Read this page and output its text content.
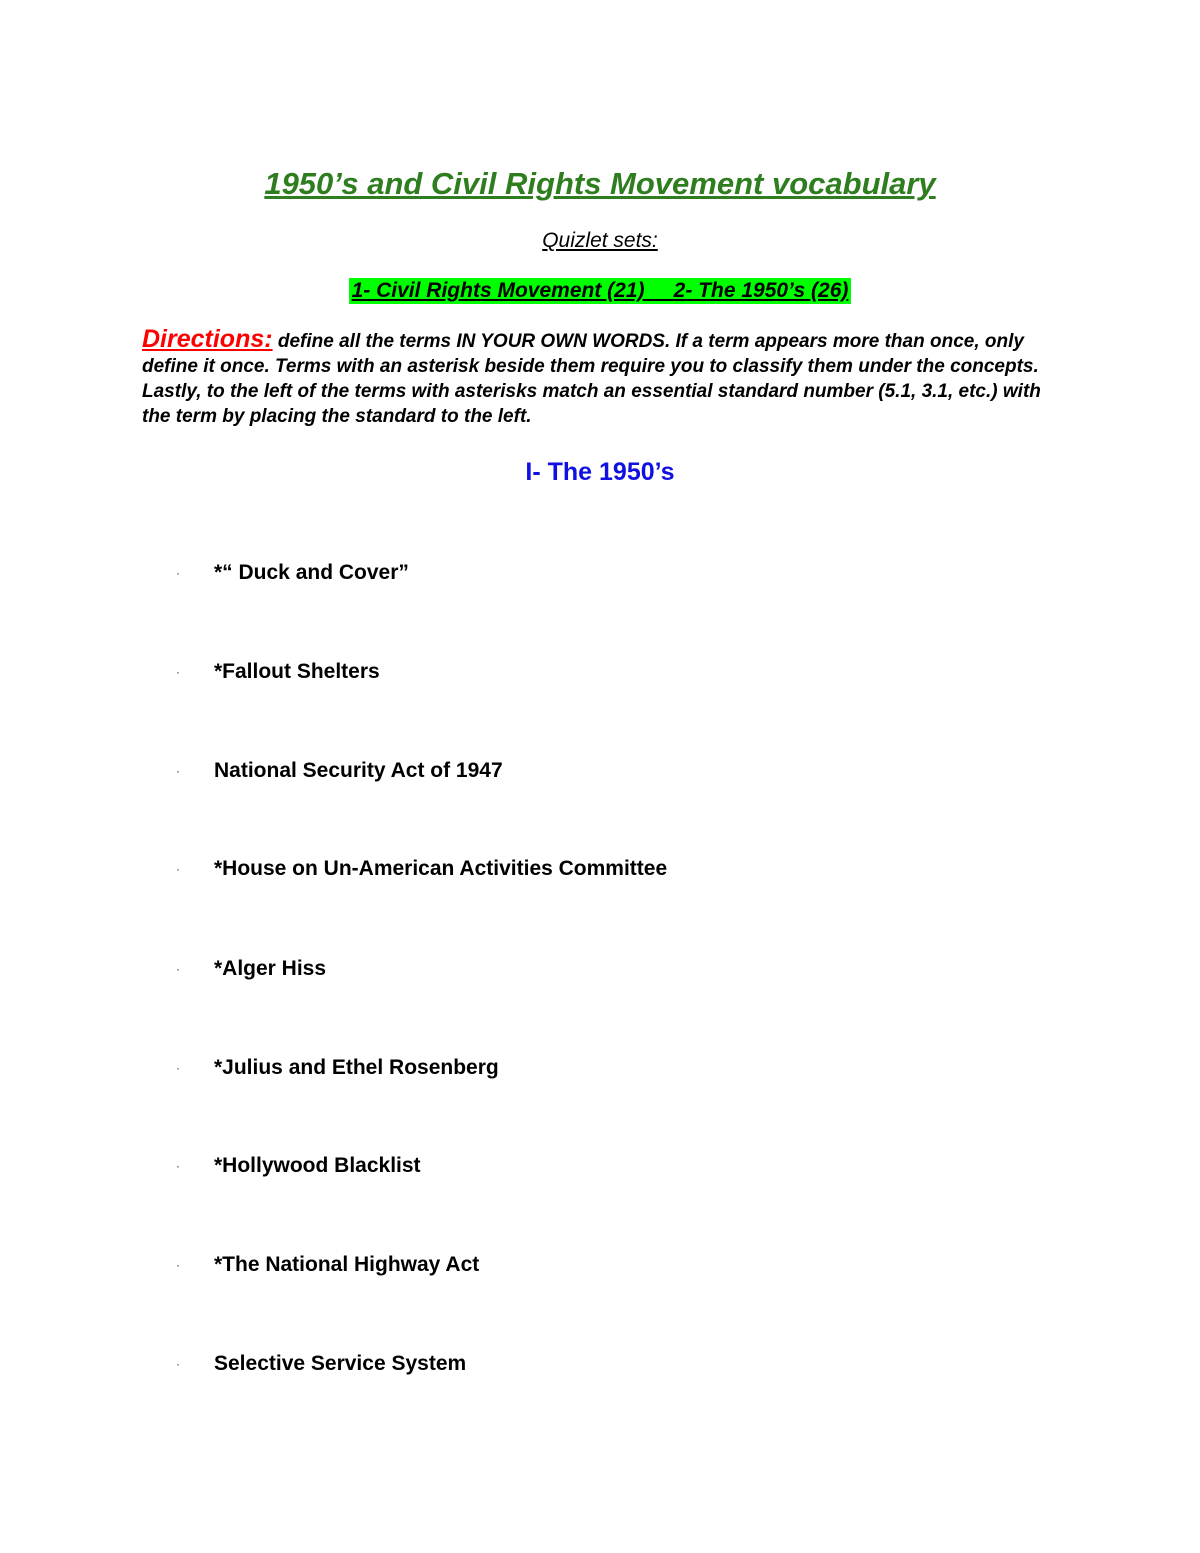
1950’s and Civil Rights Movement vocabulary
Quizlet sets:
1- Civil Rights Movement (21)     2- The 1950’s (26)
Directions: define all the terms IN YOUR OWN WORDS. If a term appears more than once, only define it once. Terms with an asterisk beside them require you to classify them under the concepts. Lastly, to the left of the terms with asterisks match an essential standard number (5.1, 3.1, etc.) with the term by placing the standard to the left.
I- The 1950’s
· *“ Duck and Cover”
· *Fallout Shelters
· National Security Act of 1947
· *House on Un-American Activities Committee
· *Alger Hiss
· *Julius and Ethel Rosenberg
· *Hollywood Blacklist
· *The National Highway Act
· Selective Service System
